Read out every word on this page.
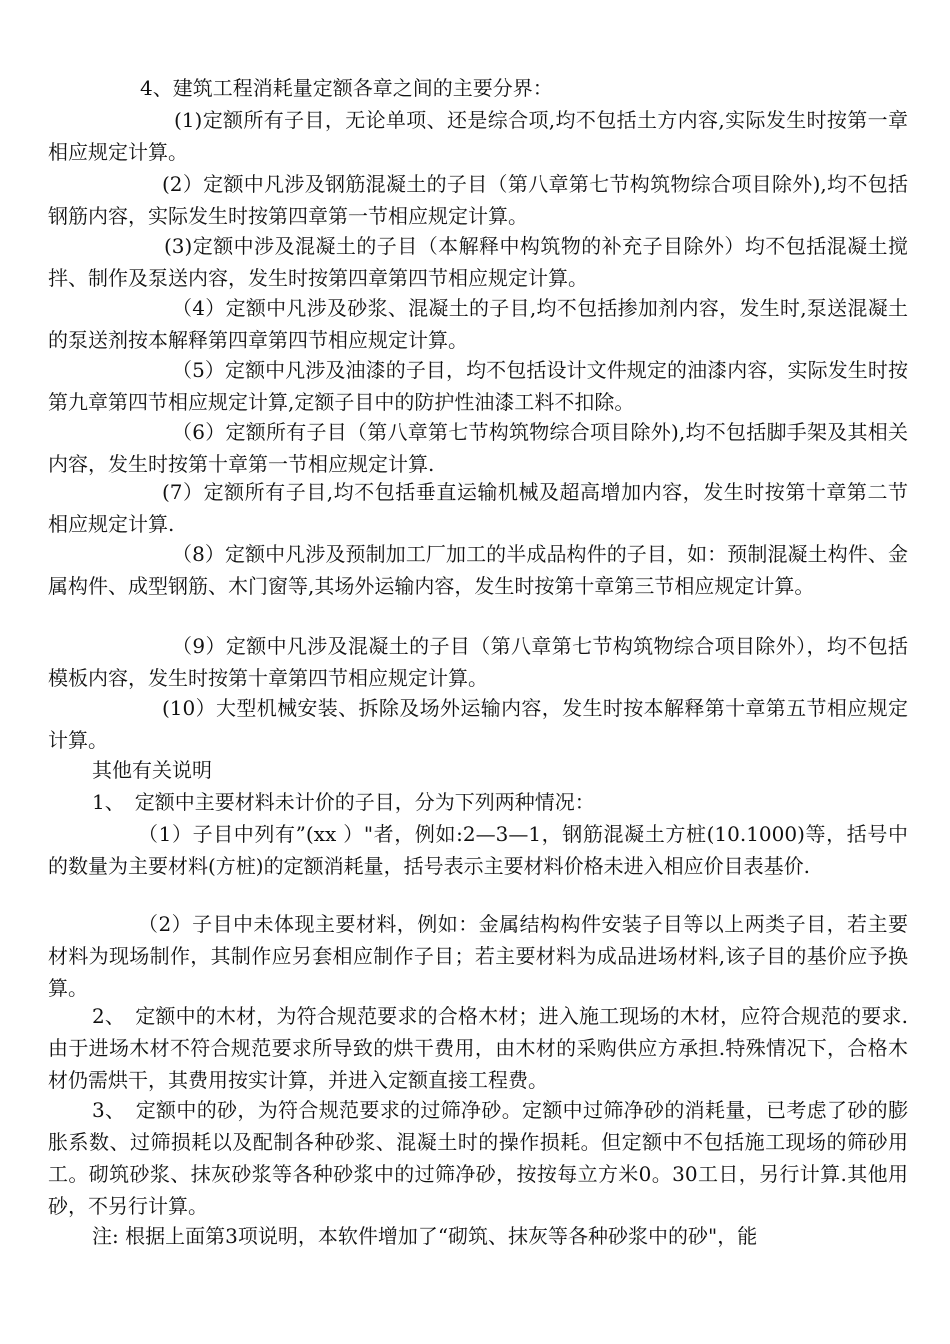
4、建筑工程消耗量定额各章之间的主要分界：

(1)定额所有子目，无论单项、还是综合项,均不包括土方内容,实际发生时按第一章相应规定计算。

(2）定额中凡涉及钢筋混凝土的子目（第八章第七节构筑物综合项目除外),均不包括钢筋内容，实际发生时按第四章第一节相应规定计算。

(3)定额中涉及混凝土的子目（本解释中构筑物的补充子目除外）均不包括混凝土搅拌、制作及泵送内容，发生时按第四章第四节相应规定计算。

（4）定额中凡涉及砂浆、混凝土的子目,均不包括掺加剂内容，发生时,泵送混凝土的泵送剂按本解释第四章第四节相应规定计算。

（5）定额中凡涉及油漆的子目，均不包括设计文件规定的油漆内容，实际发生时按第九章第四节相应规定计算,定额子目中的防护性油漆工料不扣除。

（6）定额所有子目（第八章第七节构筑物综合项目除外),均不包括脚手架及其相关内容，发生时按第十章第一节相应规定计算.

(7）定额所有子目,均不包括垂直运输机械及超高增加内容，发生时按第十章第二节相应规定计算.

（8）定额中凡涉及预制加工厂加工的半成品构件的子目，如：预制混凝土构件、金属构件、成型钢筋、木门窗等,其场外运输内容，发生时按第十章第三节相应规定计算。

（9）定额中凡涉及混凝土的子目（第八章第七节构筑物综合项目除外），均不包括模板内容，发生时按第十章第四节相应规定计算。

(10）大型机械安装、拆除及场外运输内容，发生时按本解释第十章第五节相应规定计算。

其他有关说明

1、　定额中主要材料未计价的子目，分为下列两种情况：

（1）子目中列有”(xx ）"者，例如:2—3—1，钢筋混凝土方桩(10.1000)等，括号中的数量为主要材料(方桩)的定额消耗量，括号表示主要材料价格未进入相应价目表基价.

（2）子目中未体现主要材料，例如：金属结构构件安装子目等以上两类子目，若主要材料为现场制作，其制作应另套相应制作子目；若主要材料为成品进场材料,该子目的基价应予换算。

2、　定额中的木材，为符合规范要求的合格木材；进入施工现场的木材，应符合规范的要求.由于进场木材不符合规范要求所导致的烘干费用，由木材的采购供应方承担.特殊情况下，合格木材仍需烘干，其费用按实计算，并进入定额直接工程费。

3、　定额中的砂，为符合规范要求的过筛净砂。定额中过筛净砂的消耗量，已考虑了砂的膨胀系数、过筛损耗以及配制各种砂浆、混凝土时的操作损耗。但定额中不包括施工现场的筛砂用工。砌筑砂浆、抹灰砂浆等各种砂浆中的过筛净砂，按按每立方米0。30工日，另行计算.其他用砂，不另行计算。

注: 根据上面第3项说明，本软件增加了“砌筑、抹灰等各种砂浆中的砂"，能
